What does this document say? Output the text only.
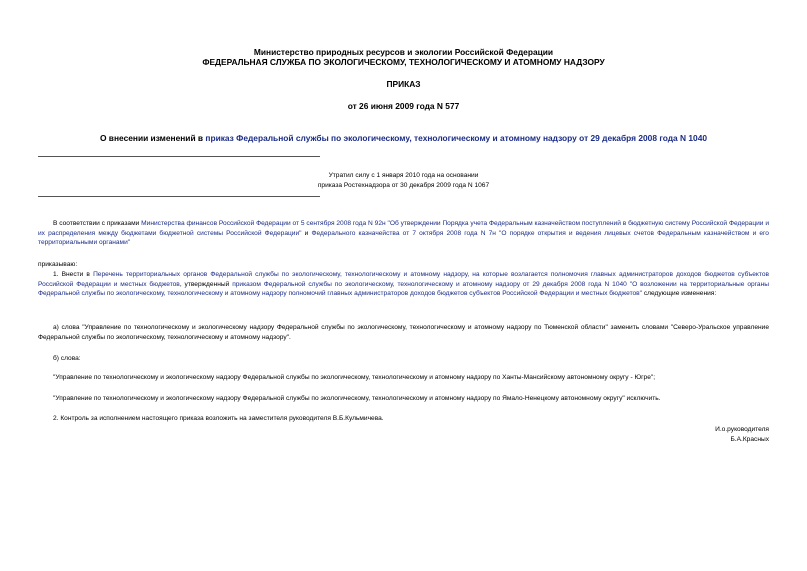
Министерство природных ресурсов и экологии Российской Федерации
ФЕДЕРАЛЬНАЯ СЛУЖБА ПО ЭКОЛОГИЧЕСКОМУ, ТЕХНОЛОГИЧЕСКОМУ И АТОМНОМУ НАДЗОРУ
ПРИКАЗ
от 26 июня 2009 года N 577
О внесении изменений в приказ Федеральной службы по экологическому, технологическому и атомному надзору от 29 декабря 2008 года N 1040
Утратил силу с 1 января 2010 года на основании
приказа Ростехнадзора от 30 декабря 2009 года N 1067
В соответствии с приказами Министерства финансов Российской Федерации от 5 сентября 2008 года N 92н "Об утверждении Порядка учета Федеральным казначейством поступлений в бюджетную систему Российской Федерации и их распределения между бюджетами бюджетной системы Российской Федерации" и Федерального казначейства от 7 октября 2008 года N 7н "О порядке открытия и ведения лицевых счетов Федеральным казначейством и его территориальными органами"
приказываю:
1. Внести в Перечень территориальных органов Федеральной службы по экологическому, технологическому и атомному надзору, на которые возлагается полномочия главных администраторов доходов бюджетов субъектов Российской Федерации и местных бюджетов, утвержденный приказом Федеральной службы по экологическому, технологическому и атомному надзору от 29 декабря 2008 года N 1040 "О возложении на территориальные органы Федеральной службы по экологическому, технологическому и атомному надзору полномочий главных администраторов доходов бюджетов субъектов Российской Федерации и местных бюджетов" следующие изменения:
а) слова "Управление по технологическому и экологическому надзору Федеральной службы по экологическому, технологическому и атомному надзору по Тюменской области" заменить словами "Северо-Уральское управление Федеральной службы по экологическому, технологическому и атомному надзору".
б) слова:
"Управление по технологическому и экологическому надзору Федеральной службы по экологическому, технологическому и атомному надзору по Ханты-Мансийскому автономному округу - Югре";
"Управление по технологическому и экологическому надзору Федеральной службы по экологическому, технологическому и атомному надзору по Ямало-Ненецкому автономному округу" исключить.
2. Контроль за исполнением настоящего приказа возложить на заместителя руководителя В.Б.Кульмичева.
И.о.руководителя
Б.А.Красных
